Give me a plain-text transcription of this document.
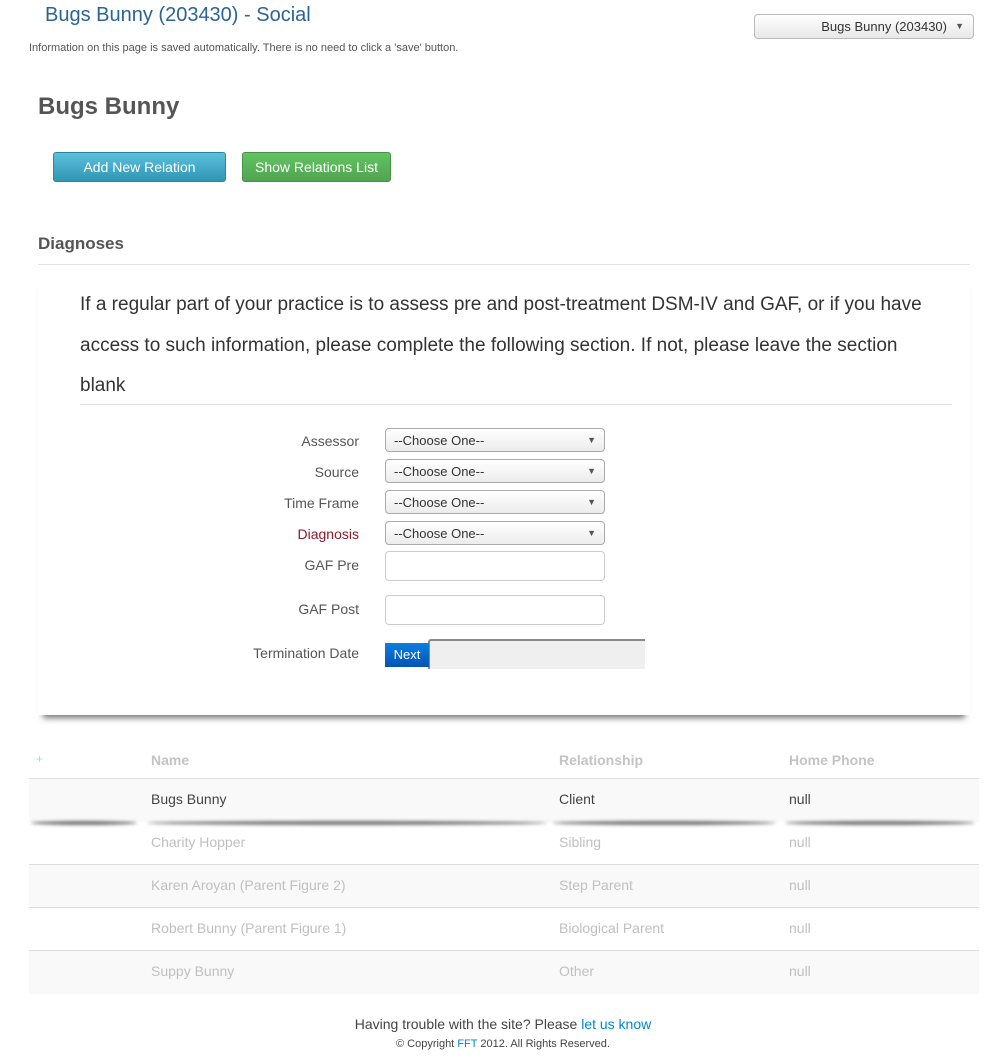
Bugs Bunny (203430) - Social
Information on this page is saved automatically. There is no need to click a 'save' button.
Bugs Bunny (203430) ▼
Bugs Bunny
Add New Relation	Show Relations List
Diagnoses
If a regular part of your practice is to assess pre and post-treatment DSM-IV and GAF, or if you have access to such information, please complete the following section. If not, please leave the section blank
Assessor	--Choose One--	▼
Source	--Choose One--	▼
Time Frame	--Choose One--	▼
Diagnosis	--Choose One--	▼
GAF Pre
GAF Post
Termination Date	Next
+	Name	Relationship	Home Phone
Bugs Bunny	Client	null
Charity Hopper	Sibling	null
Karen Aroyan (Parent Figure 2)	Step Parent	null
Robert Bunny (Parent Figure 1)	Biological Parent	null
Suppy Bunny	Other	null
Having trouble with the site? Please let us know
© Copyright FFT 2012. All Rights Reserved.
